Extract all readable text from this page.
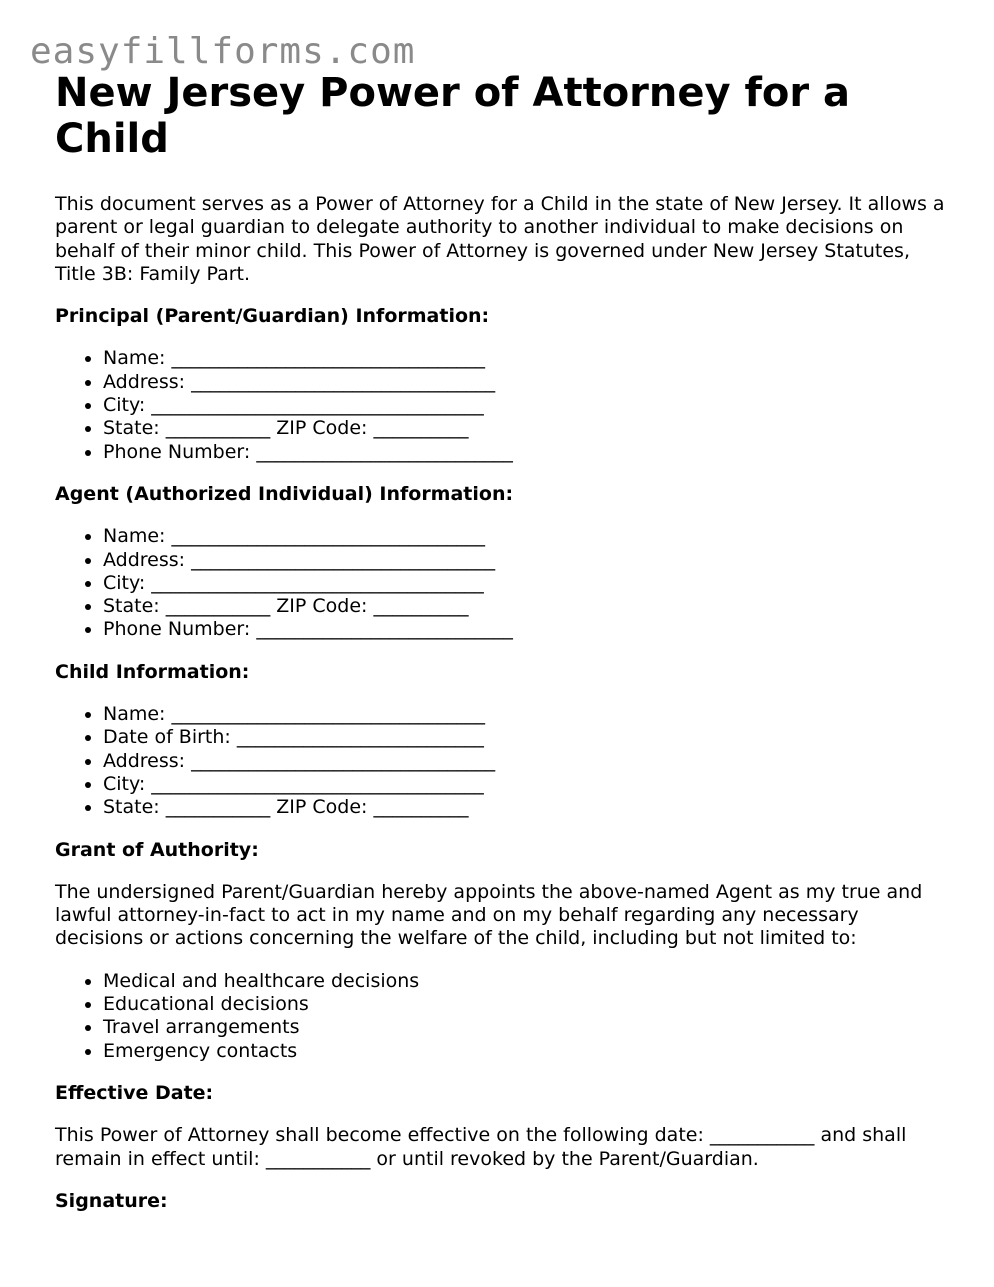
easyfillforms.com
New Jersey Power of Attorney for a Child

This document serves as a Power of Attorney for a Child in the state of New Jersey. It allows a parent or legal guardian to delegate authority to another individual to make decisions on behalf of their minor child. This Power of Attorney is governed under New Jersey Statutes, Title 3B: Family Part.

Principal (Parent/Guardian) Information:
• Name: _________________________________
• Address: ________________________________
• City: ___________________________________
• State: ___________ ZIP Code: __________
• Phone Number: ___________________________
Agent (Authorized Individual) Information:
• Name: _________________________________
• Address: ________________________________
• City: ___________________________________
• State: ___________ ZIP Code: __________
• Phone Number: ___________________________
Child Information:
• Name: _________________________________
• Date of Birth: __________________________
• Address: ________________________________
• City: ___________________________________
• State: ___________ ZIP Code: __________
Grant of Authority:

The undersigned Parent/Guardian hereby appoints the above-named Agent as my true and lawful attorney-in-fact to act in my name and on my behalf regarding any necessary decisions or actions concerning the welfare of the child, including but not limited to:

• Medical and healthcare decisions
• Educational decisions
• Travel arrangements
• Emergency contacts
Effective Date:

This Power of Attorney shall become effective on the following date: ___________ and shall remain in effect until: ___________ or until revoked by the Parent/Guardian.

Signature:
